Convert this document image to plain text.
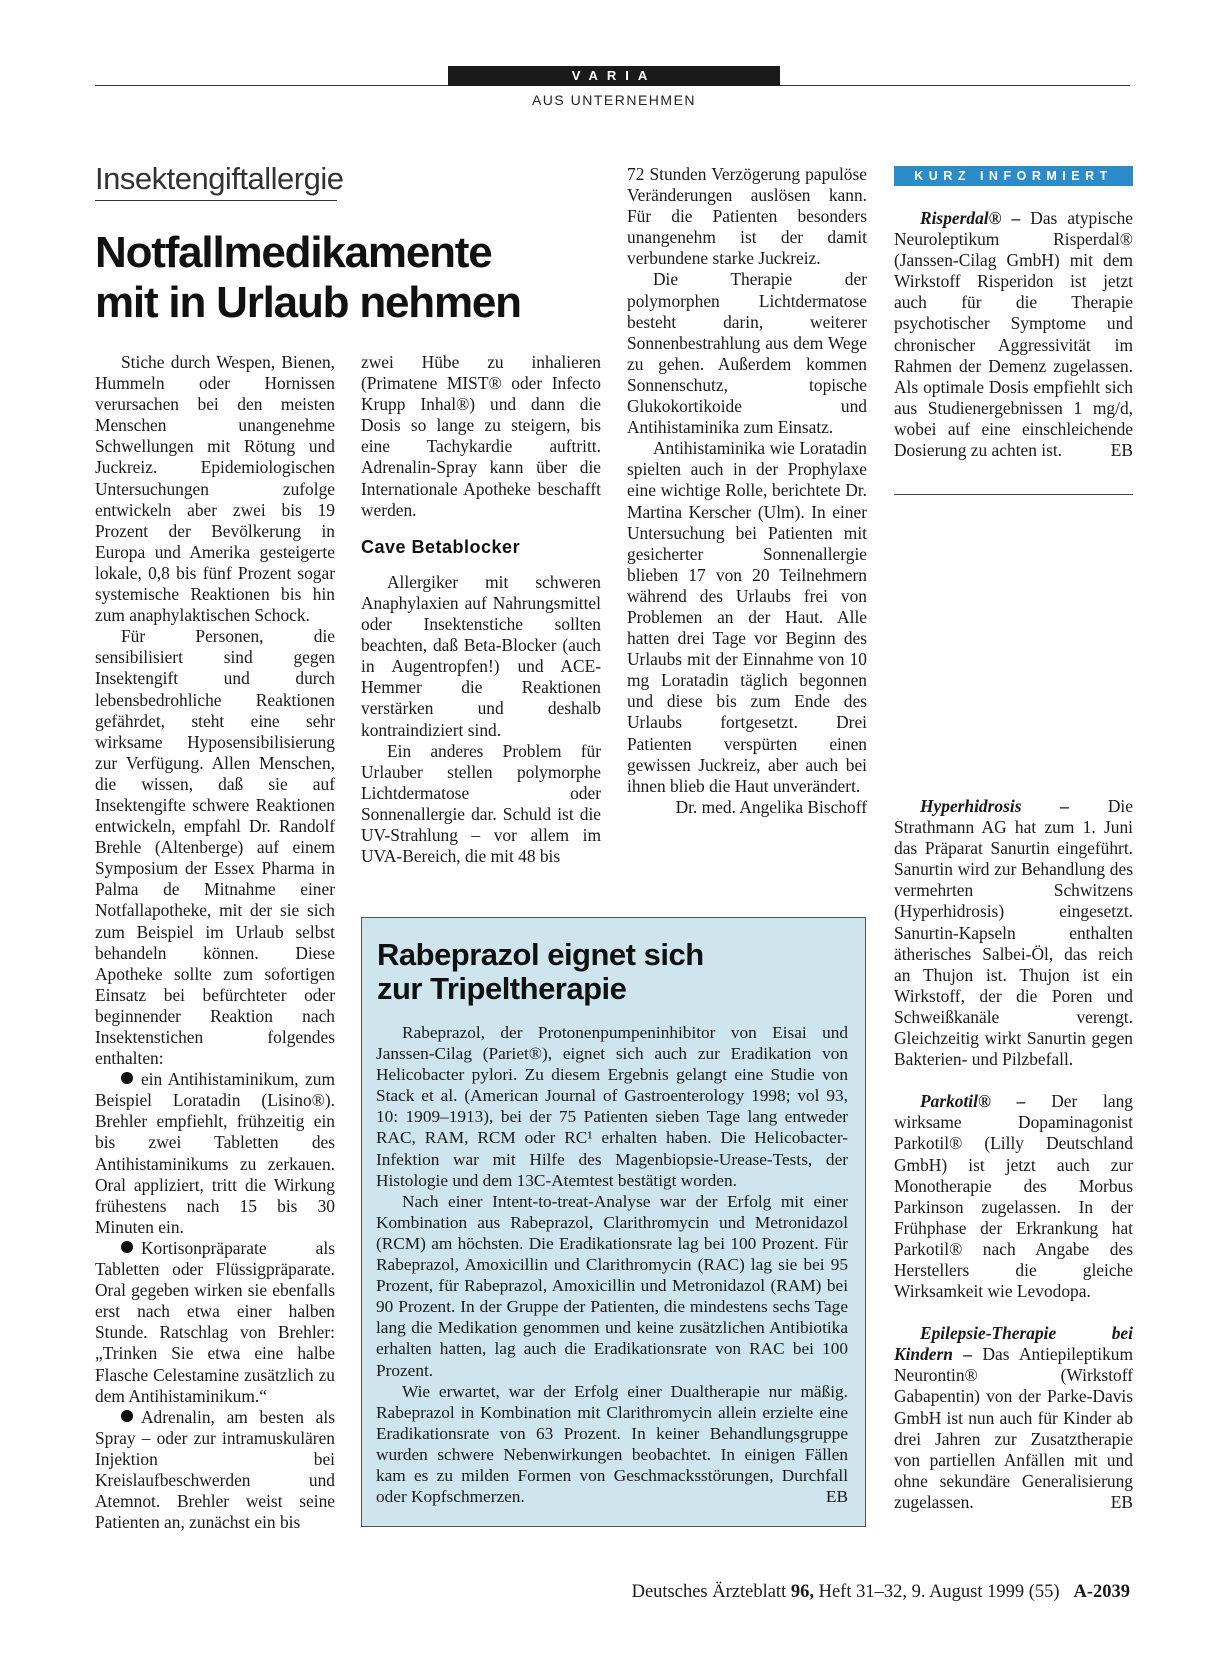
VARIA
AUS UNTERNEHMEN
Insektengiftallergie
Notfallmedikamente
mit in Urlaub nehmen

Stiche durch Wespen, Bienen, Hummeln oder Hornissen verursachen bei den meisten Menschen unangenehme Schwellungen mit Rötung und Juckreiz. Epidemiologischen Untersuchungen zufolge entwickeln aber zwei bis 19 Prozent der Bevölkerung in Europa und Amerika gesteigerte lokale, 0,8 bis fünf Prozent sogar systemische Reaktionen bis hin zum anaphylaktischen Schock.

Für Personen, die sensibilisiert sind gegen Insektengift und durch lebensbedrohliche Reaktionen gefährdet, steht eine sehr wirksame Hyposensibilisierung zur Verfügung. Allen Menschen, die wissen, daß sie auf Insektengifte schwere Reaktionen entwickeln, empfahl Dr. Randolf Brehle (Altenberge) auf einem Symposium der Essex Pharma in Palma de Mitnahme einer Notfallapotheke, mit der sie sich zum Beispiel im Urlaub selbst behandeln können. Diese Apotheke sollte zum sofortigen Einsatz bei befürchteter oder beginnender Reaktion nach Insektenstichen folgendes enthalten:

ein Antihistaminikum, zum Beispiel Loratadin (Lisino®). Brehler empfiehlt, frühzeitig ein bis zwei Tabletten des Antihistaminikums zu zerkauen. Oral appliziert, tritt die Wirkung frühestens nach 15 bis 30 Minuten ein.

Kortisonpräparate als Tabletten oder Flüssigpräparate. Oral gegeben wirken sie ebenfalls erst nach etwa einer halben Stunde. Ratschlag von Brehler: „Trinken Sie etwa eine halbe Flasche Celestamine zusätzlich zu dem Antihistaminikum.“

Adrenalin, am besten als Spray – oder zur intramuskulären Injektion bei Kreislaufbeschwerden und Atemnot. Brehler weist seine Patienten an, zunächst ein bis

zwei Hübe zu inhalieren (Primatene MIST® oder Infecto Krupp Inhal®) und dann die Dosis so lange zu steigern, bis eine Tachykardie auftritt. Adrenalin-Spray kann über die Internationale Apotheke beschafft werden.

Cave Betablocker

Allergiker mit schweren Anaphylaxien auf Nahrungsmittel oder Insektenstiche sollten beachten, daß Beta-Blocker (auch in Augentropfen!) und ACE-Hemmer die Reaktionen verstärken und deshalb kontraindiziert sind.

Ein anderes Problem für Urlauber stellen polymorphe Lichtdermatose oder Sonnenallergie dar. Schuld ist die UV-Strahlung – vor allem im UVA-Bereich, die mit 48 bis

72 Stunden Verzögerung papulöse Veränderungen auslösen kann. Für die Patienten besonders unangenehm ist der damit verbundene starke Juckreiz.

Die Therapie der polymorphen Lichtdermatose besteht darin, weiterer Sonnenbestrahlung aus dem Wege zu gehen. Außerdem kommen Sonnenschutz, topische Glukokortikoide und Antihistaminika zum Einsatz.

Antihistaminika wie Loratadin spielten auch in der Prophylaxe eine wichtige Rolle, berichtete Dr. Martina Kerscher (Ulm). In einer Untersuchung bei Patienten mit gesicherter Sonnenallergie blieben 17 von 20 Teilnehmern während des Urlaubs frei von Problemen an der Haut. Alle hatten drei Tage vor Beginn des Urlaubs mit der Einnahme von 10 mg Loratadin täglich begonnen und diese bis zum Ende des Urlaubs fortgesetzt. Drei Patienten verspürten einen gewissen Juckreiz, aber auch bei ihnen blieb die Haut unverändert.

Dr. med. Angelika Bischoff

KURZ INFORMIERT

Risperdal® – Das atypische Neuroleptikum Risperdal® (Janssen-Cilag GmbH) mit dem Wirkstoff Risperidon ist jetzt auch für die Therapie psychotischer Symptome und chronischer Aggressivität im Rahmen der Demenz zugelassen. Als optimale Dosis empfiehlt sich aus Studienergebnissen 1 mg/d, wobei auf eine einschleichende Dosierung zu achten ist.	EB

Hyperhidrosis – Die Strathmann AG hat zum 1. Juni das Präparat Sanurtin eingeführt. Sanurtin wird zur Behandlung des vermehrten Schwitzens (Hyperhidrosis) eingesetzt. Sanurtin-Kapseln enthalten ätherisches Salbei-Öl, das reich an Thujon ist. Thujon ist ein Wirkstoff, der die Poren und Schweißkanäle verengt. Gleichzeitig wirkt Sanurtin gegen Bakterien- und Pilzbefall.

Parkotil® – Der lang wirksame Dopaminagonist Parkotil® (Lilly Deutschland GmbH) ist jetzt auch zur Monotherapie des Morbus Parkinson zugelassen. In der Frühphase der Erkrankung hat Parkotil® nach Angabe des Herstellers die gleiche Wirksamkeit wie Levodopa.

Epilepsie-Therapie bei Kindern – Das Antiepileptikum Neurontin® (Wirkstoff Gabapentin) von der Parke-Davis GmbH ist nun auch für Kinder ab drei Jahren zur Zusatztherapie von partiellen Anfällen mit und ohne sekundäre Generalisierung zugelassen.	EB

Rabeprazol eignet sich
zur Tripeltherapie

Rabeprazol, der Protonenpumpeninhibitor von Eisai und Janssen-Cilag (Pariet®), eignet sich auch zur Eradikation von Helicobacter pylori. Zu diesem Ergebnis gelangt eine Studie von Stack et al. (American Journal of Gastroenterology 1998; vol 93, 10: 1909–1913), bei der 75 Patienten sieben Tage lang entweder RAC, RAM, RCM oder RC¹ erhalten haben. Die Helicobacter-Infektion war mit Hilfe des Magenbiopsie-Urease-Tests, der Histologie und dem 13C-Atemtest bestätigt worden.

Nach einer Intent-to-treat-Analyse war der Erfolg mit einer Kombination aus Rabeprazol, Clarithromycin und Metronidazol (RCM) am höchsten. Die Eradikationsrate lag bei 100 Prozent. Für Rabeprazol, Amoxicillin und Clarithromycin (RAC) lag sie bei 95 Prozent, für Rabeprazol, Amoxicillin und Metronidazol (RAM) bei 90 Prozent. In der Gruppe der Patienten, die mindestens sechs Tage lang die Medikation genommen und keine zusätzlichen Antibiotika erhalten hatten, lag auch die Eradikationsrate von RAC bei 100 Prozent.

Wie erwartet, war der Erfolg einer Dualtherapie nur mäßig. Rabeprazol in Kombination mit Clarithromycin allein erzielte eine Eradikationsrate von 63 Prozent. In keiner Behandlungsgruppe wurden schwere Nebenwirkungen beobachtet. In einigen Fällen kam es zu milden Formen von Geschmacksstörungen, Durchfall oder Kopfschmerzen.	EB

Deutsches Ärzteblatt 96, Heft 31–32, 9. August 1999 (55) A-2039
